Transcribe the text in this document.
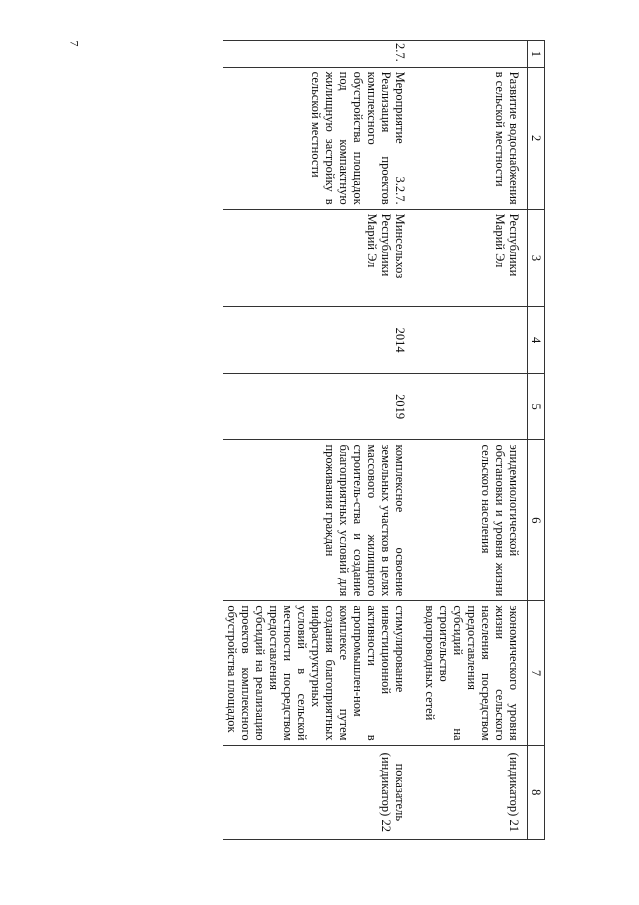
7
1	2	3	4	5	6	7	8
	Развитие водоснабжения в сельской местности	Республики Марий Эл			эпидемиологической обстановки и уровня жизни сельского населения	экономического уровня жизни сельского населения посредством предоставления субсидий на строительство водопроводных сетей	(индикатор) 21
2.7.	Мероприятие 3.2.7. Реализация проектов комплексного обустройства площадок под компактную жилищную застройку в сельской местности	Минсельхоз Республики Марий Эл	2014	2019	комплексное освоение земельных участков в целях массового жилищного строитель-ства и создание благоприятных условий для проживания граждан	стимулирование инвестиционной активности в агропромышлен-ном комплексе путем создания благоприятных инфраструктурных условий в сельской местности посредством предоставления субсидий на реализацию проектов комплексного обустройства площадок	показатель (индикатор) 22
